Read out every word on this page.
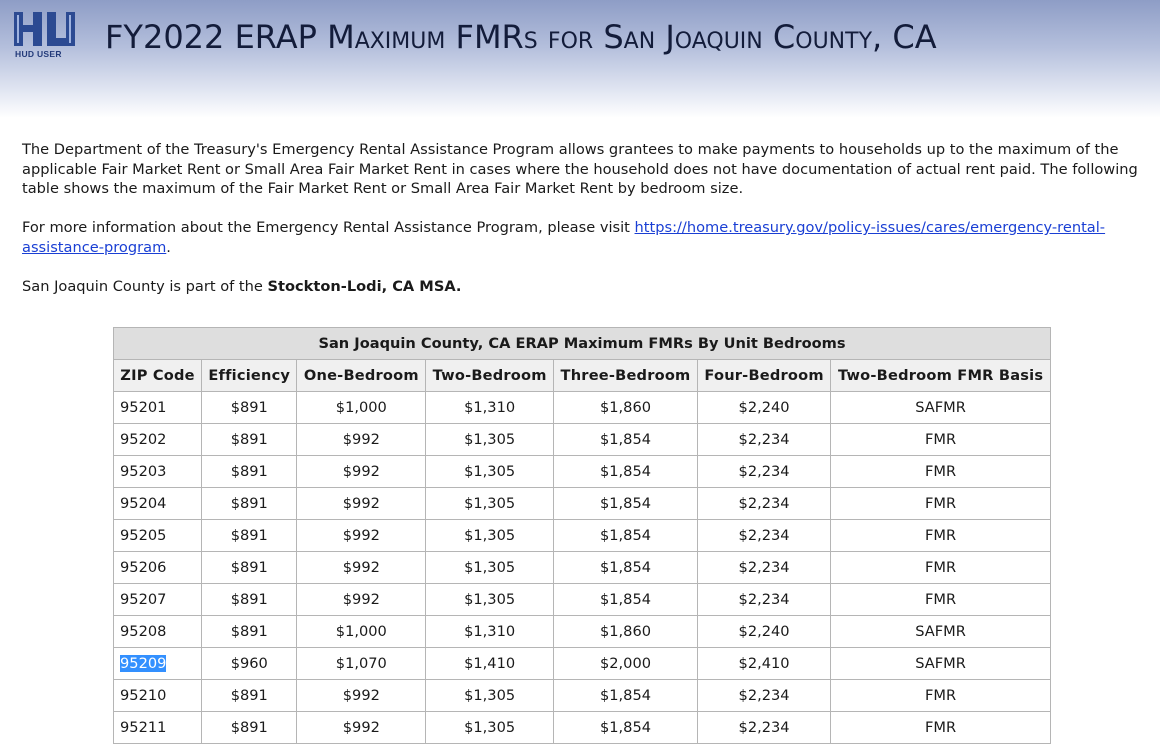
HUD USER FY2022 ERAP Maximum FMRs for San Joaquin County, CA

The Department of the Treasury's Emergency Rental Assistance Program allows grantees to make payments to households up to the maximum of the applicable Fair Market Rent or Small Area Fair Market Rent in cases where the household does not have documentation of actual rent paid. The following table shows the maximum of the Fair Market Rent or Small Area Fair Market Rent by bedroom size.

For more information about the Emergency Rental Assistance Program, please visit https://home.treasury.gov/policy-issues/cares/emergency-rental-assistance-program.

San Joaquin County is part of the Stockton-Lodi, CA MSA.

San Joaquin County, CA ERAP Maximum FMRs By Unit Bedrooms						
ZIP Code	Efficiency	One-Bedroom	Two-Bedroom	Three-Bedroom	Four-Bedroom	Two-Bedroom FMR Basis
95201	$891	$1,000	$1,310	$1,860	$2,240	SAFMR
95202	$891	$992	$1,305	$1,854	$2,234	FMR
95203	$891	$992	$1,305	$1,854	$2,234	FMR
95204	$891	$992	$1,305	$1,854	$2,234	FMR
95205	$891	$992	$1,305	$1,854	$2,234	FMR
95206	$891	$992	$1,305	$1,854	$2,234	FMR
95207	$891	$992	$1,305	$1,854	$2,234	FMR
95208	$891	$1,000	$1,310	$1,860	$2,240	SAFMR
95209	$960	$1,070	$1,410	$2,000	$2,410	SAFMR
95210	$891	$992	$1,305	$1,854	$2,234	FMR
95211	$891	$992	$1,305	$1,854	$2,234	FMR
